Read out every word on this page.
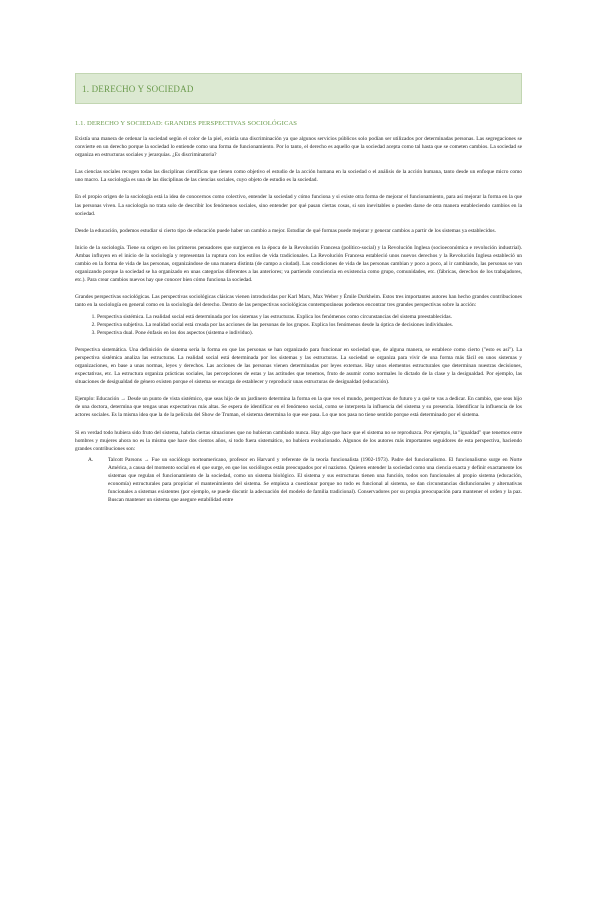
1. DERECHO Y SOCIEDAD
1.1. DERECHO Y SOCIEDAD: GRANDES PERSPECTIVAS SOCIOLÓGICAS

Existía una manera de ordenar la sociedad según el color de la piel, existía una discriminación ya que algunos servicios públicos solo podían ser utilizados por determinadas personas. Las segregaciones se convierte en un derecho porque la sociedad lo entiende como una forma de funcionamiento. Por lo tanto, el derecho es aquello que la sociedad acepta como tal hasta que se cometen cambios. La sociedad se organiza en estructuras sociales y jerarquías. ¿Es discriminatoria?

Las ciencias sociales recogen todas las disciplinas científicas que tienen como objetivo el estudio de la acción humana en la sociedad o el análisis de la acción humana, tanto desde un enfoque micro como uno macro. La sociología es una de las disciplinas de las ciencias sociales, cuyo objeto de estudio es la sociedad.

En el propio origen de la sociología está la idea de conocernos como colectivo, entender la sociedad y cómo funciona y si existe otra forma de mejorar el funcionamiento, para así mejorar la forma en la que las personas viven. La sociología no trata solo de describir los fenómenos sociales, sino entender por qué pasan ciertas cosas, si son inevitables o pueden darse de otra manera estableciendo cambios en la sociedad.

Desde la educación, podemos estudiar si cierto tipo de educación puede haber un cambio a mejor. Estudiar de qué formas puede mejorar y generar cambios a partir de los sistemas ya establecidos.

Inicio de la sociología. Tiene su origen en los primeros pensadores que surgieron en la época de la Revolución Francesa (político-social) y la Revolución Inglesa (socioeconómica e revolución industrial). Ambas influyen en el inicio de la sociología y representan la ruptura con los estilos de vida tradicionales. La Revolución Francesa estableció unos nuevos derechos y la Revolución Inglesa estableció un cambio en la forma de vida de las personas, organizándose de una manera distinta (de campo a ciudad). Las condiciones de vida de las personas cambian y poco a poco, al ir cambiando, las personas se van organizando porque la sociedad se ha organizado en unas categorías diferentes a las anteriores; va partiendo conciencia en existencia como grupo, comunidades, etc. (fábricas, derechos de los trabajadores, etc.). Para crear cambios nuevos hay que conocer bien cómo funciona la sociedad.

Grandes perspectivas sociológicas. Las perspectivas sociológicas clásicas vienen introducidas por Karl Marx, Max Weber y Émile Durkheim. Estos tres importantes autores han hecho grandes contribuciones tanto en la sociología en general como en la sociología del derecho. Dentro de las perspectivas sociológicas contemporáneas podemos encontrar tres grandes perspectivas sobre la acción:

1. Perspectiva sistémica. La realidad social está determinada por los sistemas y las estructuras. Explica los fenómenos como circunstancias del sistema preestablecidas.
2. Perspectiva subjetiva. La realidad social está creada por las acciones de las personas de los grupos. Explica los fenómenos desde la óptica de decisiones individuales.
3. Perspectiva dual. Pone énfasis en los dos aspectos (sistema e individuo).

Perspectiva sistemática. Una definición de sistema sería la forma en que las personas se han organizado para funcionar en sociedad que, de alguna manera, se establece como cierto ("esto es así"). La perspectiva sistémica analiza las estructuras. La realidad social está determinada por los sistemas y las estructuras. La sociedad se organiza para vivir de una forma más fácil en unos sistemas y organizaciones, en base a unas normas, leyes y derechos. Las acciones de las personas vienen determinadas por leyes externas. Hay unos elementos estructurales que determinan nuestras decisiones, expectativas, etc. La estructura organiza prácticas sociales, las percepciones de estas y las actitudes que tenemos, fruto de asumir como normales lo dictado de la clase y la desigualdad. Por ejemplo, las situaciones de desigualdad de género existen porque el sistema se encarga de establecer y reproducir unas estructuras de desigualdad (educación).

Ejemplo: Educación → Desde un punto de vista sistémico, que seas hijo de un jardinero determina la forma en la que ves el mundo, perspectivas de futuro y a qué te vas a dedicar. En cambio, que seas hijo de una doctora, determina que tengas unas expectativas más altas. Se espera de identificar en el fenómeno social, como se interpreta la influencia del sistema y su presencia. Identificar la influencia de los actores sociales. Es la misma idea que la de la película del Show de Truman, el sistema determina lo que ese pasa. Lo que nos pasa no tiene sentido porque está determinado por el sistema.

Si en verdad todo hubiera sido fruto del sistema, habría ciertas situaciones que no hubieran cambiado nunca. Hay algo que hace que el sistema no se reproduzca. Por ejemplo, la "igualdad" que tenemos entre hombres y mujeres ahora no es la misma que hace dos cientos años, si todo fuera sistemático, no hubiera evolucionado. Algunos de los autores más importantes seguidores de esta perspectiva, haciendo grandes contribuciones son:

A.	Talcott Parsons → Fue un sociólogo norteamericano, profesor en Harvard y referente de la teoría funcionalista (1902-1973). Padre del funcionalismo. El funcionalismo surge en Norte América, a causa del momento social en el que surge, en que los sociólogos están preocupados por el nazismo. Quieren entender la sociedad como una ciencia exacta y definir exactamente los sistemas que regulan el funcionamiento de la sociedad, como un sistema biológico. El sistema y sus estructuras tienen una función, todos son funcionales al propio sistema (educación, economía) estructurales para propiciar el mantenimiento del sistema. Se empieza a cuestionar porque no todo es funcional al sistema, se dan circunstancias disfuncionales y alternativas funcionales a sistemas existentes (por ejemplo, se puede discutir la adecuación del modelo de familia tradicional). Conservadores por su propia preocupación para mantener el orden y la paz. Buscan mantener un sistema que asegure estabilidad entre
